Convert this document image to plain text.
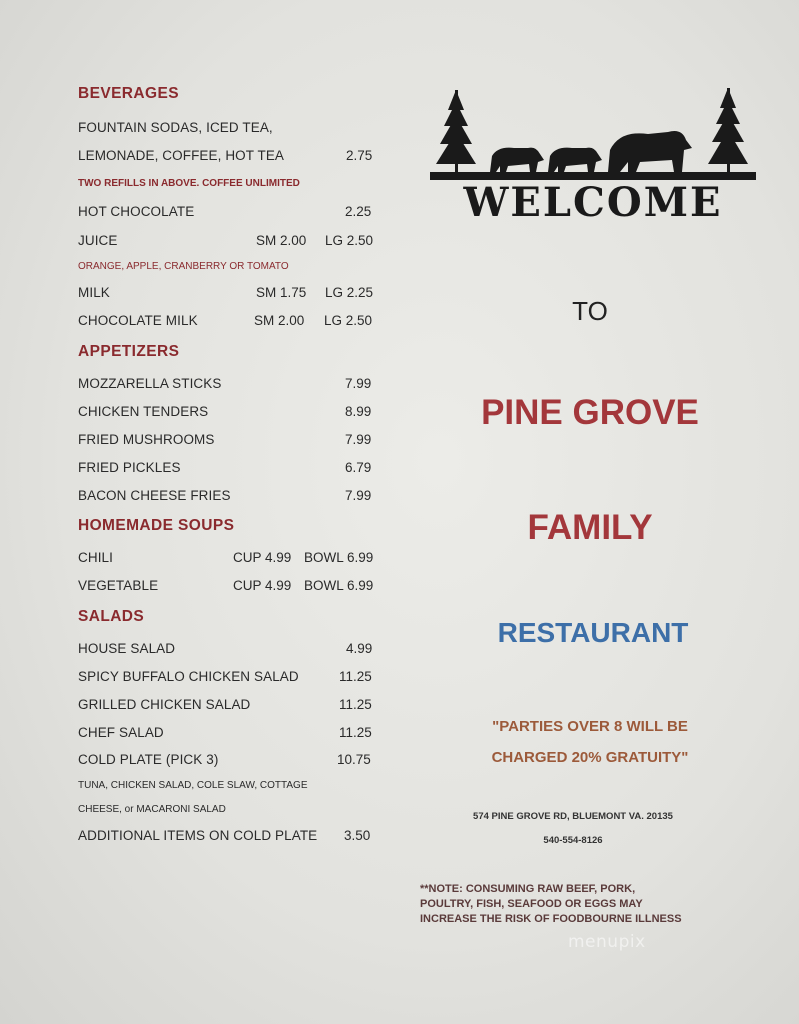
BEVERAGES
FOUNTAIN SODAS, ICED TEA,
LEMONADE, COFFEE, HOT TEA	2.75
TWO REFILLS IN ABOVE. COFFEE UNLIMITED
HOT CHOCOLATE	2.25
JUICE	SM 2.00 LG 2.50
ORANGE, APPLE, CRANBERRY OR TOMATO
MILK	SM 1.75 LG 2.25
CHOCOLATE MILK	SM 2.00 LG 2.50
APPETIZERS
MOZZARELLA STICKS	7.99
CHICKEN TENDERS	8.99
FRIED MUSHROOMS	7.99
FRIED PICKLES	6.79
BACON CHEESE FRIES	7.99
HOMEMADE SOUPS
CHILI	CUP 4.99 BOWL 6.99
VEGETABLE	CUP 4.99 BOWL 6.99
SALADS
HOUSE SALAD	4.99
SPICY BUFFALO CHICKEN SALAD	11.25
GRILLED CHICKEN SALAD	11.25
CHEF SALAD	11.25
COLD PLATE (PICK 3)	10.75
TUNA, CHICKEN SALAD, COLE SLAW, COTTAGE
CHEESE, or MACARONI SALAD
ADDITIONAL ITEMS ON COLD PLATE 3.50
WELCOME
TO
PINE GROVE
FAMILY
RESTAURANT
"PARTIES OVER 8 WILL BE
CHARGED 20% GRATUITY"
574 PINE GROVE RD, BLUEMONT VA. 20135
540-554-8126
**NOTE: CONSUMING RAW BEEF, PORK,
POULTRY, FISH, SEAFOOD OR EGGS MAY
INCREASE THE RISK OF FOODBOURNE ILLNESS
menupix
